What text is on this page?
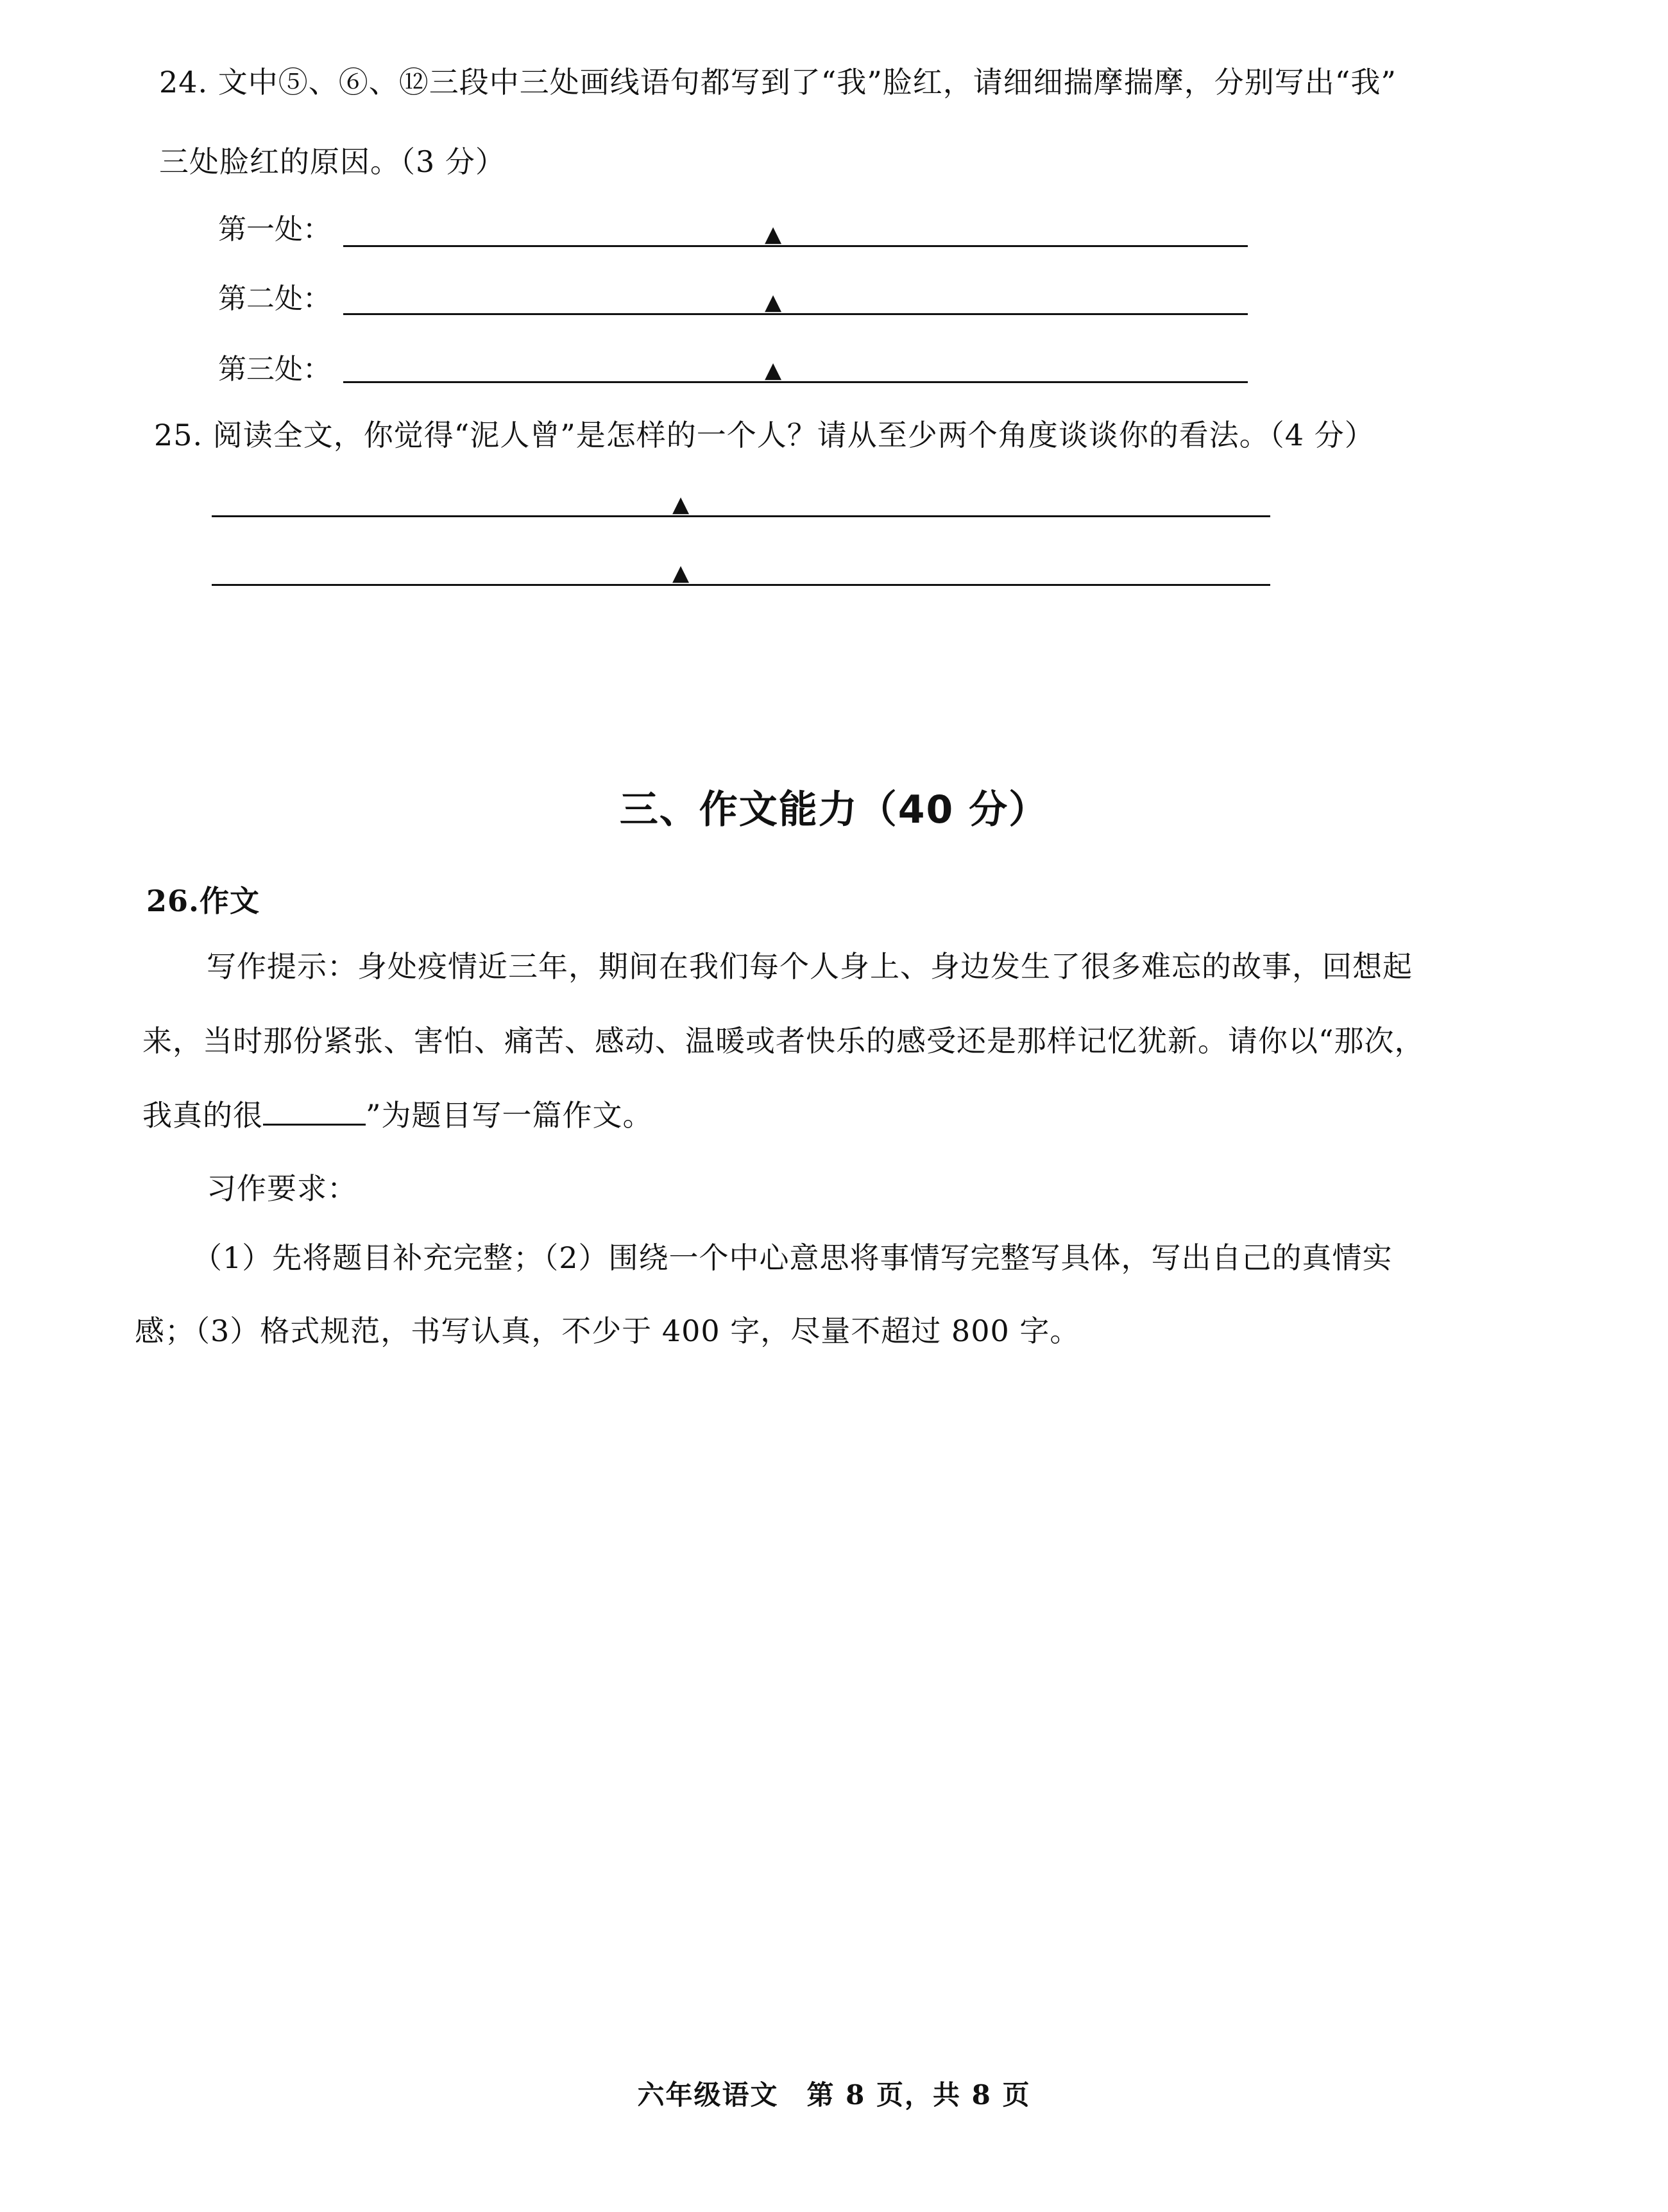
24. 文中⑤、⑥、⑫三段中三处画线语句都写到了“我”脸红，请细细揣摩揣摩，分别写出“我”
三处脸红的原因。（3 分）
第一处：	▲
第二处：	▲
第三处：	▲
25. 阅读全文，你觉得“泥人曾”是怎样的一个人？请从至少两个角度谈谈你的看法。（4 分）
▲
▲
三、作文能力（40 分）
26.作文
写作提示：身处疫情近三年，期间在我们每个人身上、身边发生了很多难忘的故事，回想起
来，当时那份紧张、害怕、痛苦、感动、温暖或者快乐的感受还是那样记忆犹新。请你以“那次，
我真的很	”为题目写一篇作文。
习作要求：
（1）先将题目补充完整；（2）围绕一个中心意思将事情写完整写具体，写出自己的真情实
感；（3）格式规范，书写认真，不少于 400 字，尽量不超过 800 字。
六年级语文　第 8 页，共 8 页
